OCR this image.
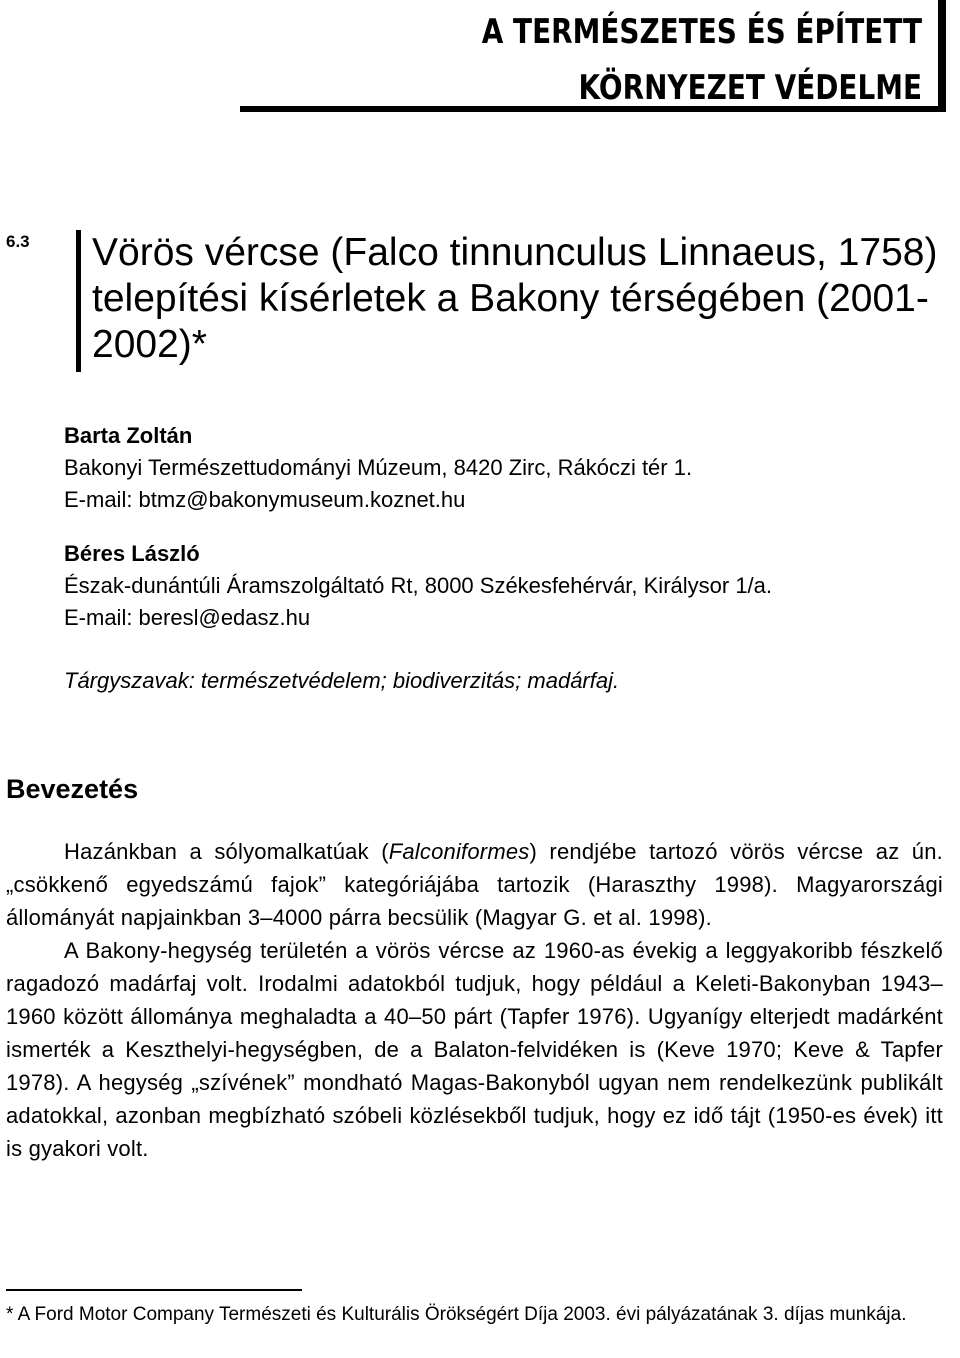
A TERMÉSZETES ÉS ÉPÍTETT KÖRNYEZET VÉDELME
6.3 Vörös vércse (Falco tinnunculus Linnaeus, 1758) telepítési kísérletek a Bakony térségében (2001-2002)*
Barta Zoltán
Bakonyi Természettudományi Múzeum, 8420 Zirc, Rákóczi tér 1.
E-mail: btmz@bakonymuseum.koznet.hu
Béres László
Észak-dunántúli Áramszolgáltató Rt, 8000 Székesfehérvár, Királysor 1/a.
E-mail: beresl@edasz.hu
Tárgyszavak: természetvédelem; biodiverzitás; madárfaj.
Bevezetés

Hazánkban a sólyomalkatúak (Falconiformes) rendjébe tartozó vörös vércse az ún. „csökkenő egyedszámú fajok” kategóriájába tartozik (Haraszthy 1998). Magyarországi állományát napjainkban 3–4000 párra becsülik (Magyar G. et al. 1998).

A Bakony-hegység területén a vörös vércse az 1960-as évekig a leggyakoribb fészkelő ragadozó madárfaj volt. Irodalmi adatokból tudjuk, hogy például a Keleti-Bakonyban 1943–1960 között állománya meghaladta a 40–50 párt (Tapfer 1976). Ugyanígy elterjedt madárként ismerték a Keszthelyi-hegységben, de a Balaton-felvidéken is (Keve 1970; Keve & Tapfer 1978). A hegység „szívének” mondható Magas-Bakonyból ugyan nem rendelkezünk publikált adatokkal, azonban megbízható szóbeli közlésekből tudjuk, hogy ez idő tájt (1950-es évek) itt is gyakori volt.

* A Ford Motor Company Természeti és Kulturális Örökségért Díja 2003. évi pályázatának 3. díjas munkája.
